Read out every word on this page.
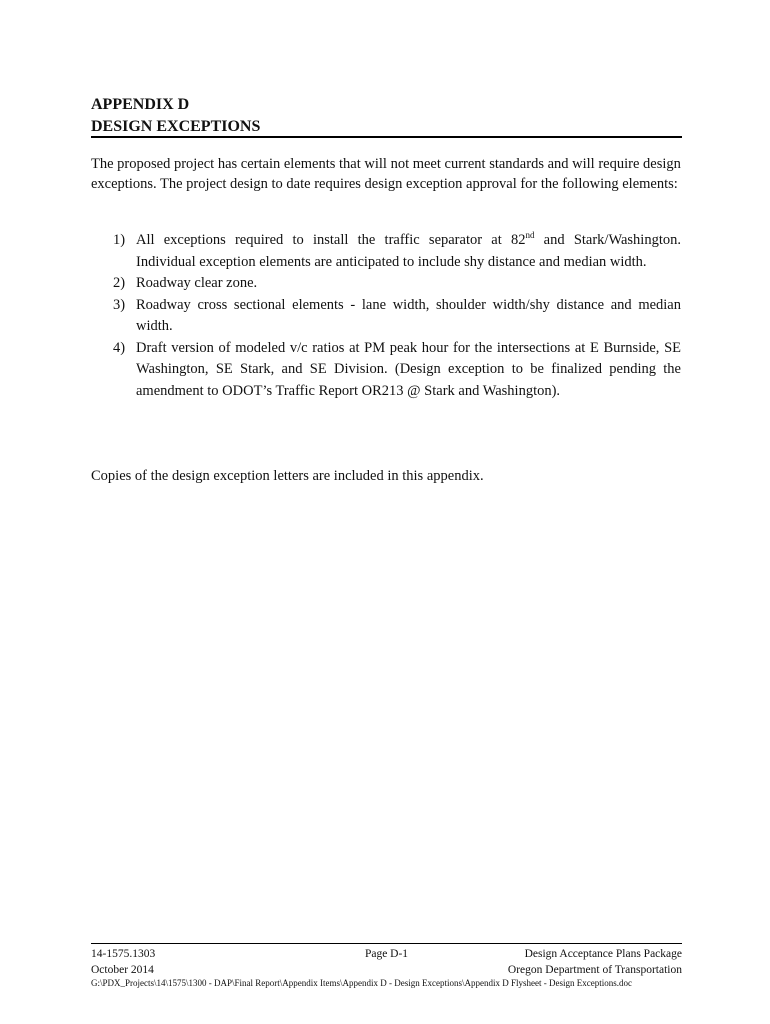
APPENDIX D
DESIGN EXCEPTIONS

The proposed project has certain elements that will not meet current standards and will require design exceptions. The project design to date requires design exception approval for the following elements:

1) All exceptions required to install the traffic separator at 82nd and Stark/Washington. Individual exception elements are anticipated to include shy distance and median width.
2) Roadway clear zone.
3) Roadway cross sectional elements - lane width, shoulder width/shy distance and median width.
4) Draft version of modeled v/c ratios at PM peak hour for the intersections at E Burnside, SE Washington, SE Stark, and SE Division. (Design exception to be finalized pending the amendment to ODOT’s Traffic Report OR213 @ Stark and Washington).

Copies of the design exception letters are included in this appendix.

14-1575.1303	Page D-1	Design Acceptance Plans Package
October 2014	Oregon Department of Transportation
G:\PDX_Projects\14\1575\1300 - DAP\Final Report\Appendix Items\Appendix D - Design Exceptions\Appendix D Flysheet - Design Exceptions.doc
